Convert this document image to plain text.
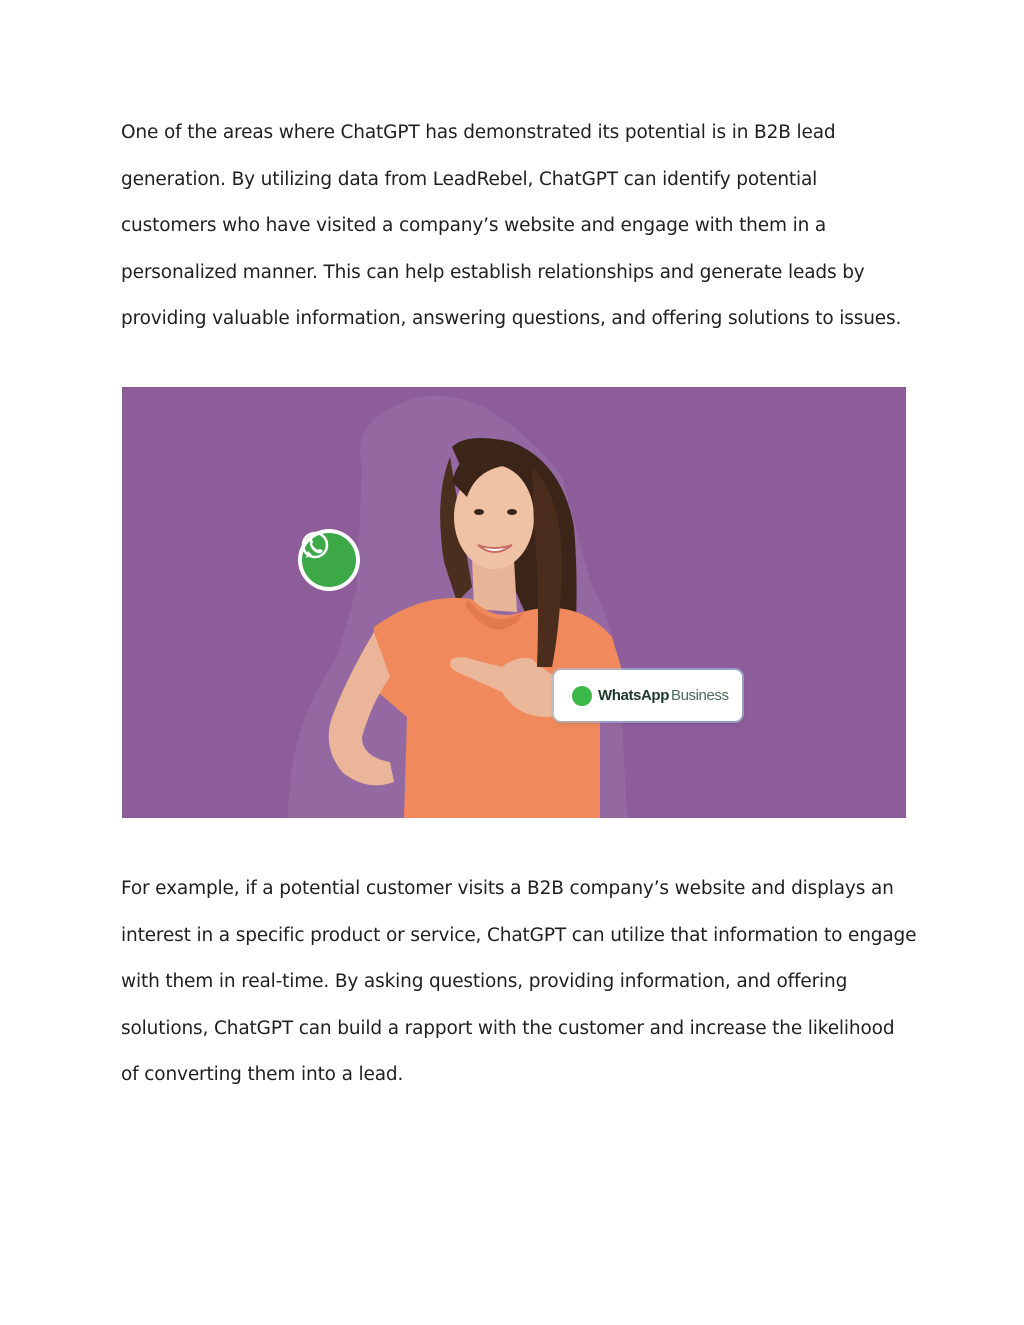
One of the areas where ChatGPT has demonstrated its potential is in B2B lead
generation. By utilizing data from LeadRebel, ChatGPT can identify potential
customers who have visited a company’s website and engage with them in a
personalized manner. This can help establish relationships and generate leads by
providing valuable information, answering questions, and offering solutions to issues.
WhatsApp Business
For example, if a potential customer visits a B2B company’s website and displays an
interest in a specific product or service, ChatGPT can utilize that information to engage
with them in real-time. By asking questions, providing information, and offering
solutions, ChatGPT can build a rapport with the customer and increase the likelihood
of converting them into a lead.
